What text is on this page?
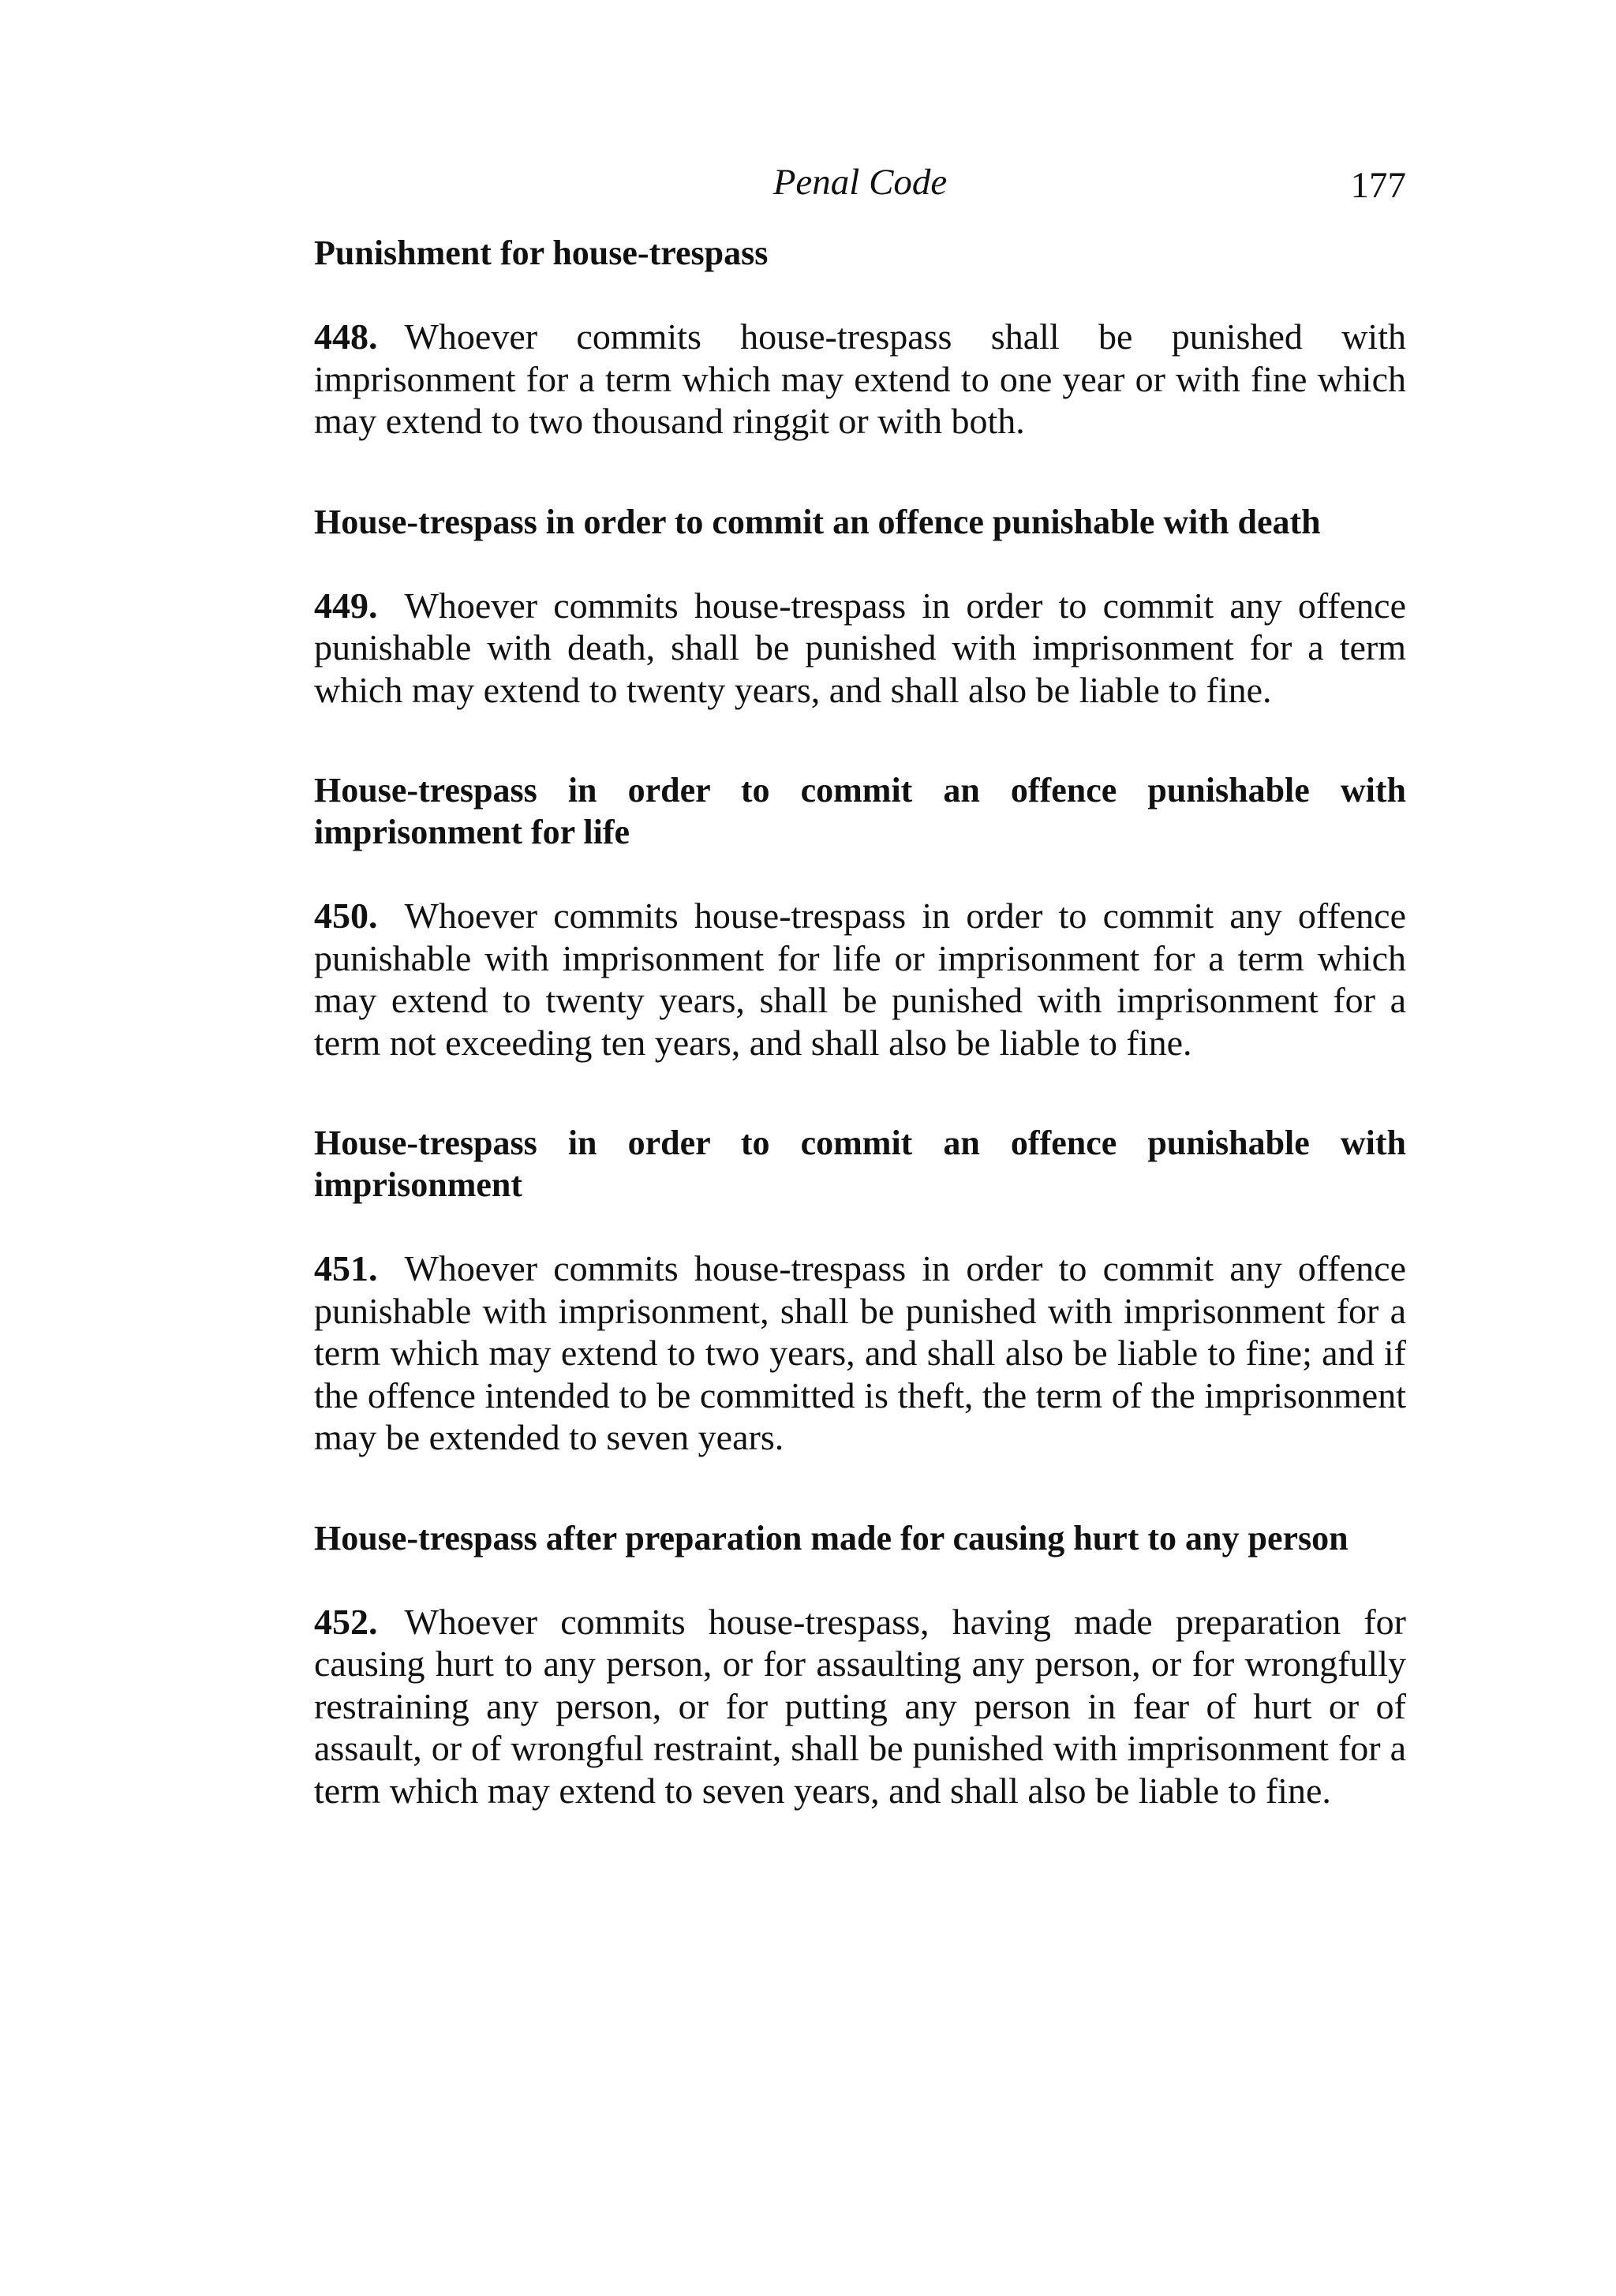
Penal Code	177

Punishment for house-trespass

448. Whoever commits house-trespass shall be punished with imprisonment for a term which may extend to one year or with fine which may extend to two thousand ringgit or with both.

House-trespass in order to commit an offence punishable with death

449. Whoever commits house-trespass in order to commit any offence punishable with death, shall be punished with imprisonment for a term which may extend to twenty years, and shall also be liable to fine.

House-trespass in order to commit an offence punishable with imprisonment for life

450. Whoever commits house-trespass in order to commit any offence punishable with imprisonment for life or imprisonment for a term which may extend to twenty years, shall be punished with imprisonment for a term not exceeding ten years, and shall also be liable to fine.

House-trespass in order to commit an offence punishable with imprisonment

451. Whoever commits house-trespass in order to commit any offence punishable with imprisonment, shall be punished with imprisonment for a term which may extend to two years, and shall also be liable to fine; and if the offence intended to be committed is theft, the term of the imprisonment may be extended to seven years.

House-trespass after preparation made for causing hurt to any person

452. Whoever commits house-trespass, having made preparation for causing hurt to any person, or for assaulting any person, or for wrongfully restraining any person, or for putting any person in fear of hurt or of assault, or of wrongful restraint, shall be punished with imprisonment for a term which may extend to seven years, and shall also be liable to fine.
